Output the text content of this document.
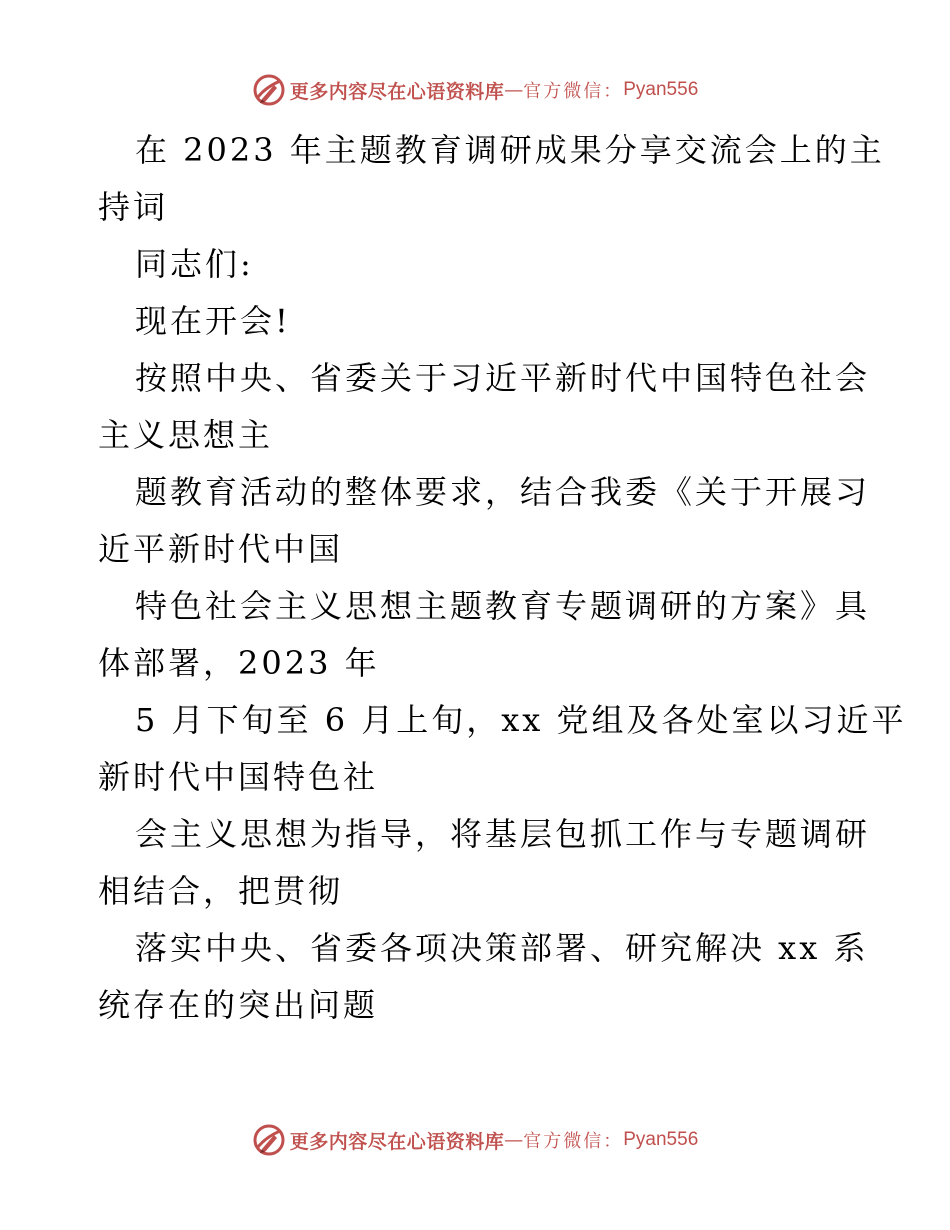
更多内容尽在心语资料库 — 官方微信： Pyan556
在 2023 年主题教育调研成果分享交流会上的主
持词
同志们:
现在开会!
按照中央、省委关于习近平新时代中国特色社会
主义思想主
题教育活动的整体要求，结合我委《关于开展习
近平新时代中国
特色社会主义思想主题教育专题调研的方案》具
体部署，2023 年
5 月下旬至 6 月上旬，xx 党组及各处室以习近平
新时代中国特色社
会主义思想为指导，将基层包抓工作与专题调研
相结合，把贯彻
落实中央、省委各项决策部署、研究解决 xx 系
统存在的突出问题
更多内容尽在心语资料库 — 官方微信： Pyan556
